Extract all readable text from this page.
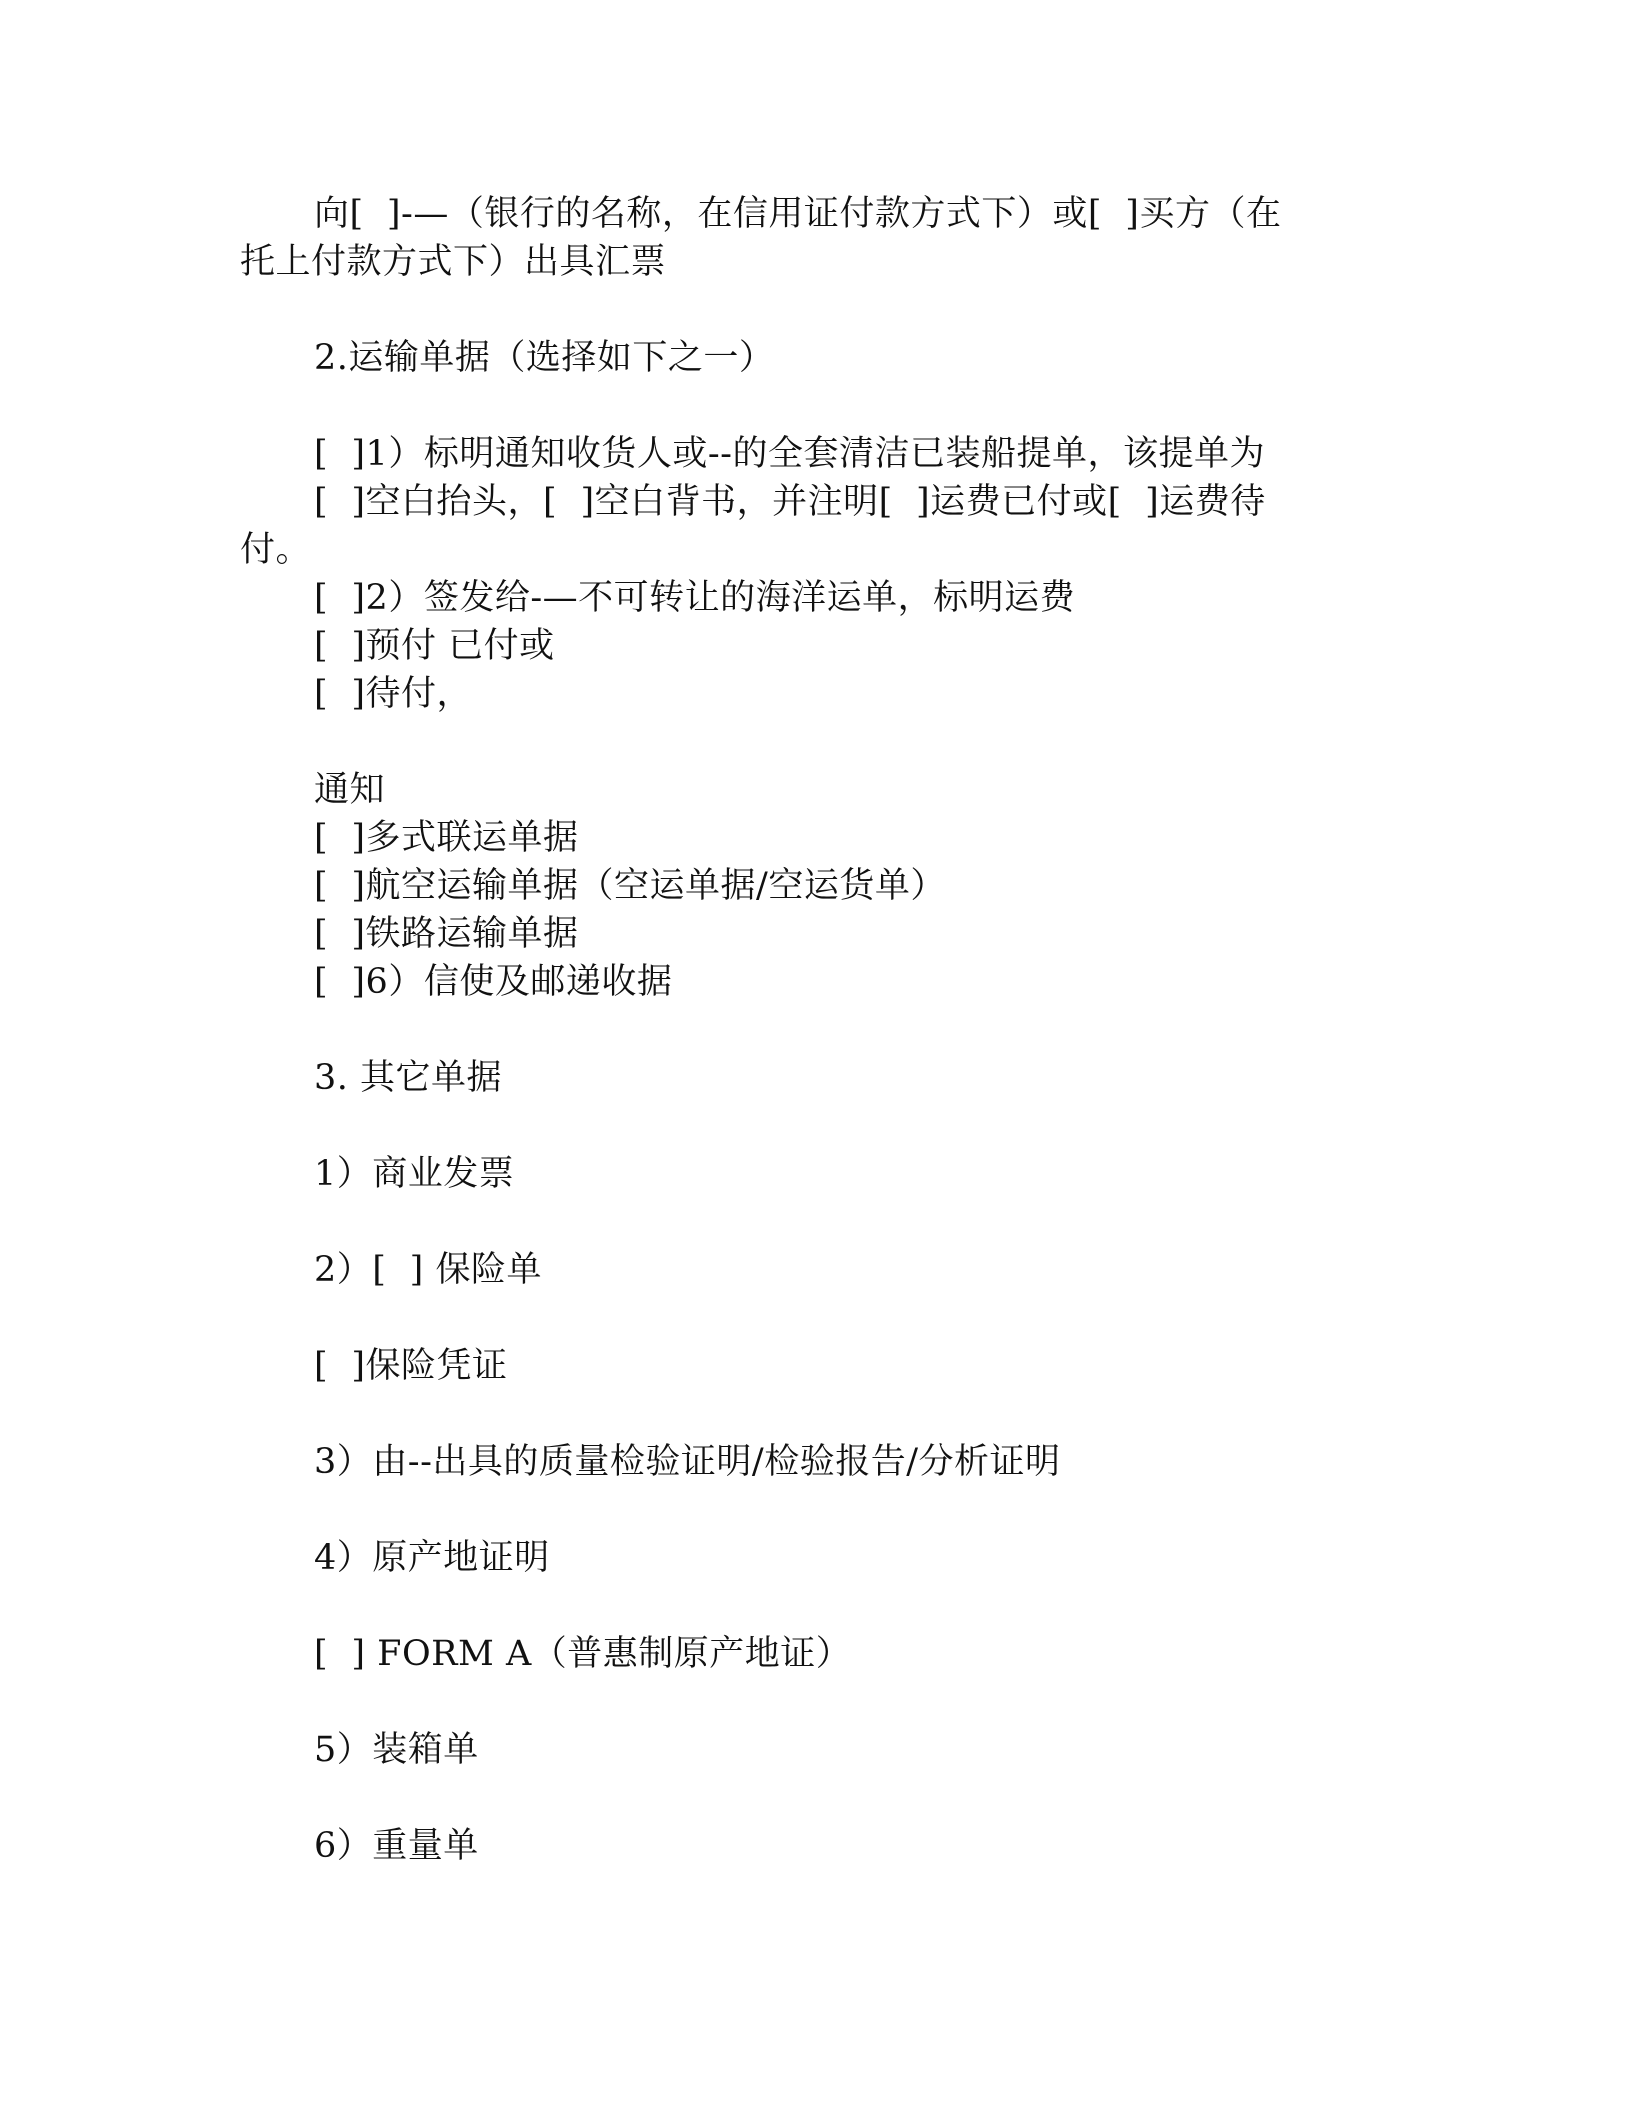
向[  ]-—（银行的名称，在信用证付款方式下）或[  ]买方（在
托上付款方式下）出具汇票
2.运输单据（选择如下之一）
[  ]1）标明通知收货人或--的全套清洁已装船提单，该提单为
[  ]空白抬头，[  ]空白背书，并注明[  ]运费已付或[  ]运费待
付。
[  ]2）签发给-—不可转让的海洋运单，标明运费
[  ]预付 已付或
[  ]待付，
通知
[  ]多式联运单据
[  ]航空运输单据（空运单据/空运货单）
[  ]铁路运输单据
[  ]6）信使及邮递收据
3. 其它单据
1）商业发票
2）[  ] 保险单
[  ]保险凭证
3）由--出具的质量检验证明/检验报告/分析证明
4）原产地证明
[  ] FORM A（普惠制原产地证）
5）装箱单
6）重量单
